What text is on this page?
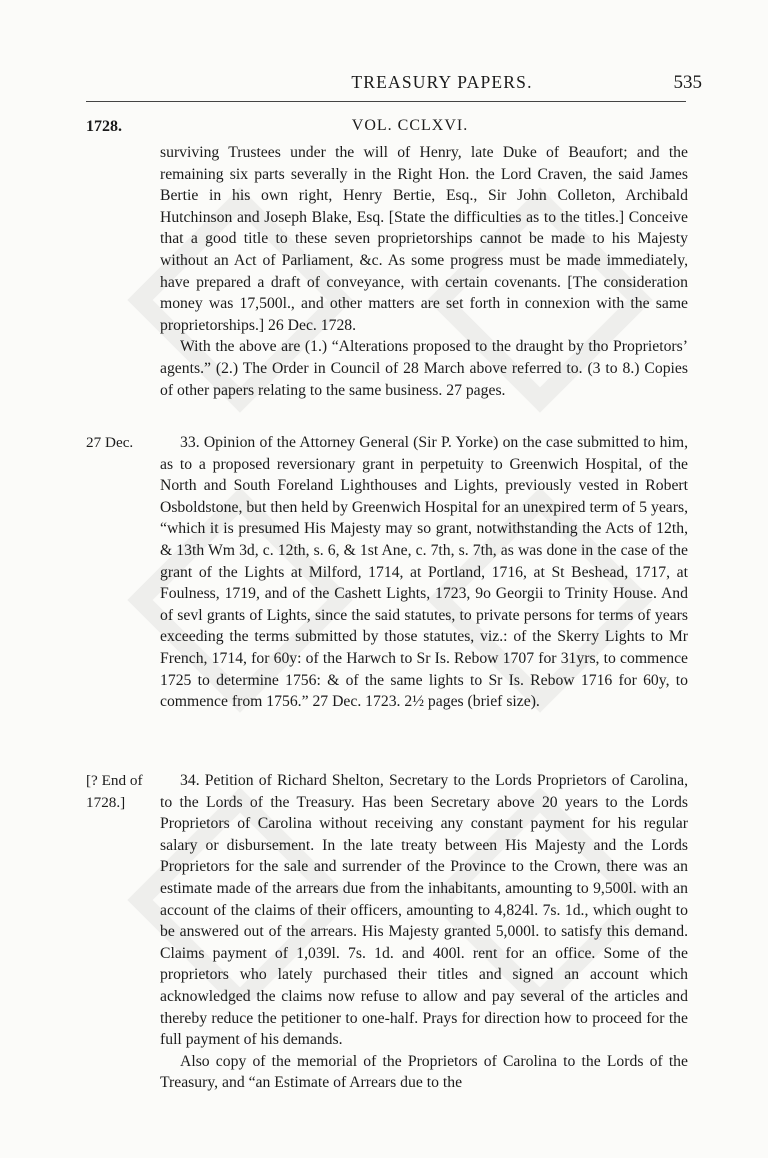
TREASURY PAPERS.	535
1728.	VOL. CCLXVI.

surviving Trustees under the will of Henry, late Duke of Beaufort; and the remaining six parts severally in the Right Hon. the Lord Craven, the said James Bertie in his own right, Henry Bertie, Esq., Sir John Colleton, Archibald Hutchinson and Joseph Blake, Esq. [State the difficulties as to the titles.] Conceive that a good title to these seven proprietorships cannot be made to his Majesty without an Act of Parliament, &c. As some progress must be made immediately, have prepared a draft of conveyance, with certain covenants. [The consideration money was 17,500l., and other matters are set forth in connexion with the same proprietorships.] 26 Dec. 1728.

With the above are (1.) “Alterations proposed to the draught by tho Proprietors’ agents.” (2.) The Order in Council of 28 March above referred to. (3 to 8.) Copies of other papers relating to the same business. 27 pages.

27 Dec.	33. Opinion of the Attorney General (Sir P. Yorke) on the case submitted to him, as to a proposed reversionary grant in perpetuity to Greenwich Hospital, of the North and South Foreland Lighthouses and Lights, previously vested in Robert Osboldstone, but then held by Greenwich Hospital for an unexpired term of 5 years, “which it is presumed His Majesty may so grant, notwithstanding the Acts of 12th, & 13th Wm 3d, c. 12th, s. 6, & 1st Ane, c. 7th, s. 7th, as was done in the case of the grant of the Lights at Milford, 1714, at Portland, 1716, at St Beshead, 1717, at Foulness, 1719, and of the Cashett Lights, 1723, 9o Georgii to Trinity House. And of sevl grants of Lights, since the said statutes, to private persons for terms of years exceeding the terms submitted by those statutes, viz.: of the Skerry Lights to Mr French, 1714, for 60y: of the Harwch to Sr Is. Rebow 1707 for 31yrs, to commence 1725 to determine 1756: & of the same lights to Sr Is. Rebow 1716 for 60y, to commence from 1756.” 27 Dec. 1723. 2½ pages (brief size).

[? End of 1728.]

34. Petition of Richard Shelton, Secretary to the Lords Proprietors of Carolina, to the Lords of the Treasury. Has been Secretary above 20 years to the Lords Proprietors of Carolina without receiving any constant payment for his regular salary or disbursement. In the late treaty between His Majesty and the Lords Proprietors for the sale and surrender of the Province to the Crown, there was an estimate made of the arrears due from the inhabitants, amounting to 9,500l. with an account of the claims of their officers, amounting to 4,824l. 7s. 1d., which ought to be answered out of the arrears. His Majesty granted 5,000l. to satisfy this demand. Claims payment of 1,039l. 7s. 1d. and 400l. rent for an office. Some of the proprietors who lately purchased their titles and signed an account which acknowledged the claims now refuse to allow and pay several of the articles and thereby reduce the petitioner to one-half. Prays for direction how to proceed for the full payment of his demands.

Also copy of the memorial of the Proprietors of Carolina to the Lords of the Treasury, and “an Estimate of Arrears due to the
